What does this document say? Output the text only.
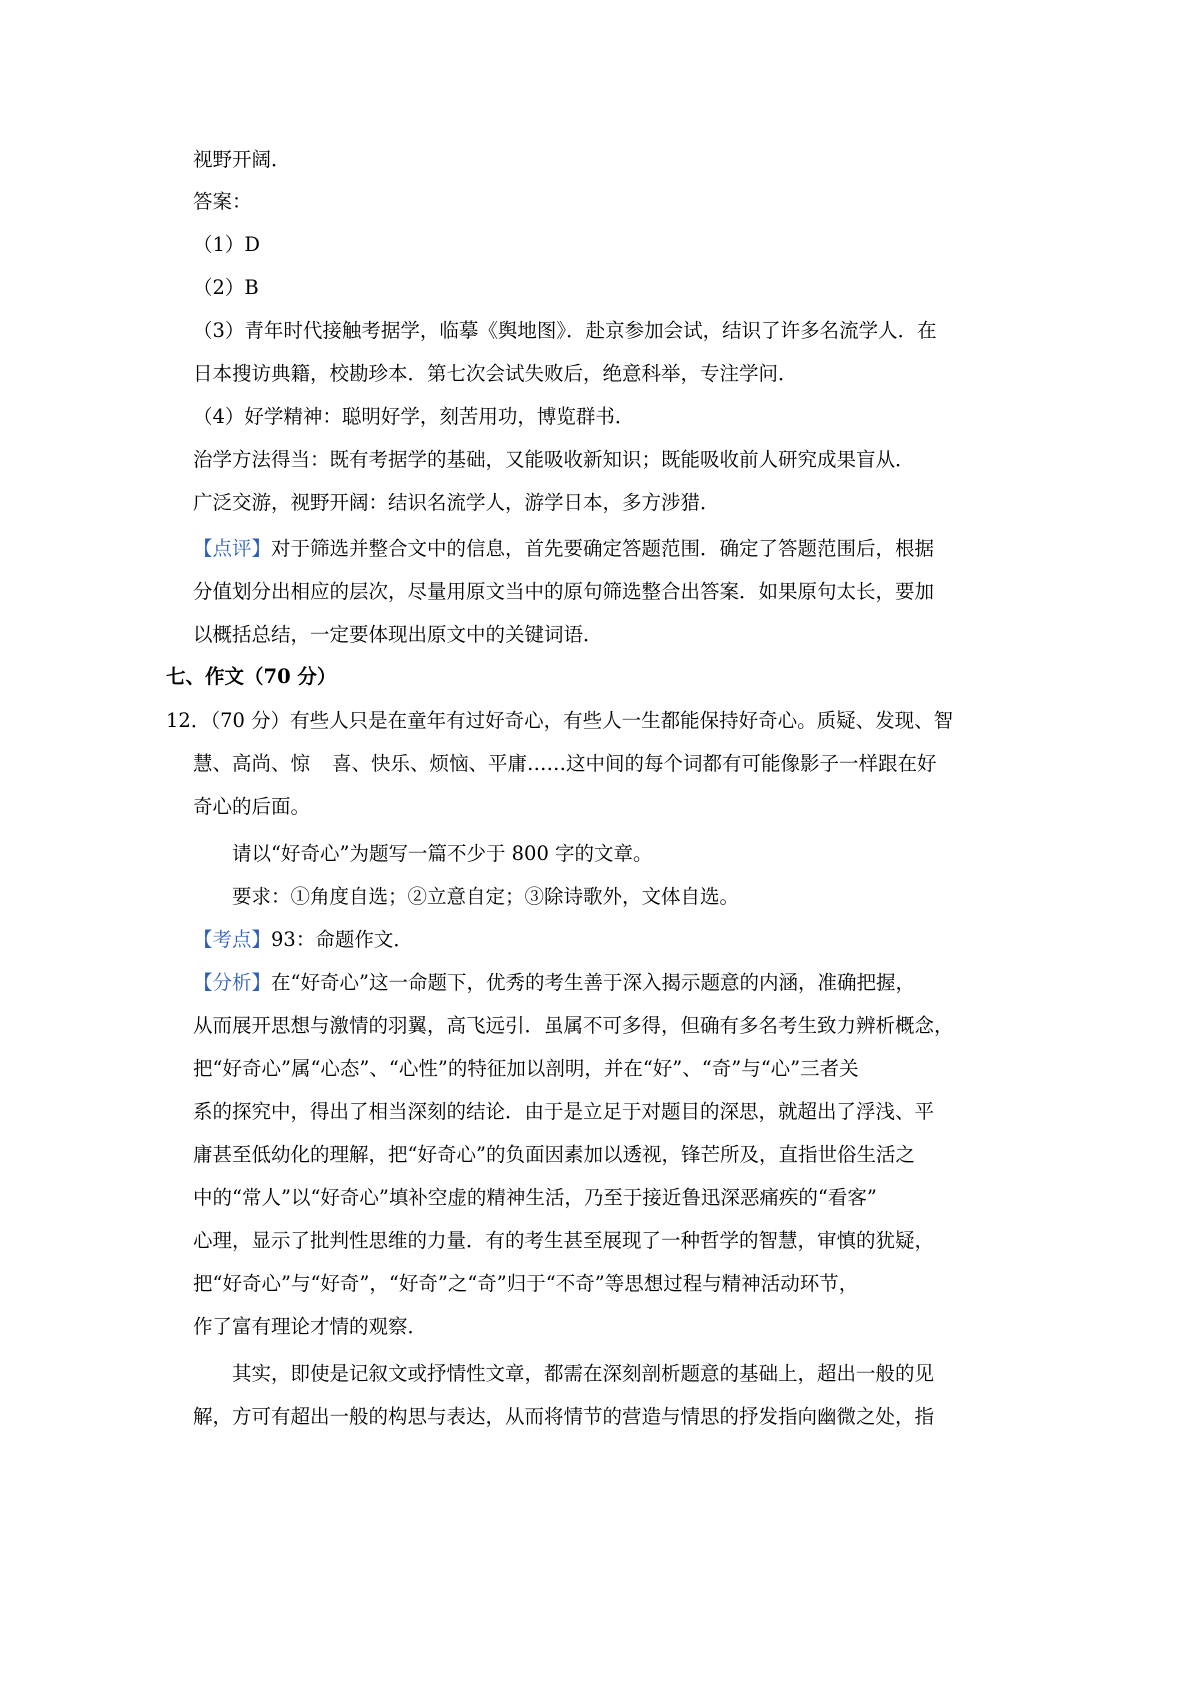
视野开阔．
答案：
（1）D
（2）B
（3）青年时代接触考据学，临摹《舆地图》．赴京参加会试，结识了许多名流学人．在
日本搜访典籍，校勘珍本．第七次会试失败后，绝意科举，专注学问．
（4）好学精神：聪明好学，刻苦用功，博览群书．
治学方法得当：既有考据学的基础，又能吸收新知识；既能吸收前人研究成果盲从．
广泛交游，视野开阔：结识名流学人，游学日本，多方涉猎．
【点评】对于筛选并整合文中的信息，首先要确定答题范围．确定了答题范围后，根据
分值划分出相应的层次，尽量用原文当中的原句筛选整合出答案．如果原句太长，要加
以概括总结，一定要体现出原文中的关键词语．
七、作文（70 分）
12．（70 分）有些人只是在童年有过好奇心，有些人一生都能保持好奇心。质疑、发现、智
慧、高尚、惊 喜、快乐、烦恼、平庸……这中间的每个词都有可能像影子一样跟在好
奇心的后面。
请以“好奇心”为题写一篇不少于 800 字的文章。
要求：①角度自选；②立意自定；③除诗歌外，文体自选。
【考点】93：命题作文．
【分析】在“好奇心”这一命题下，优秀的考生善于深入揭示题意的内涵，准确把握，
从而展开思想与激情的羽翼，高飞远引．虽属不可多得，但确有多名考生致力辨析概念，
把“好奇心”属“心态”、“心性”的特征加以剖明，并在“好”、“奇”与“心”三者关
系的探究中，得出了相当深刻的结论．由于是立足于对题目的深思，就超出了浮浅、平
庸甚至低幼化的理解，把“好奇心”的负面因素加以透视，锋芒所及，直指世俗生活之
中的“常人”以“好奇心”填补空虚的精神生活，乃至于接近鲁迅深恶痛疾的“看客”
心理，显示了批判性思维的力量．有的考生甚至展现了一种哲学的智慧，审慎的犹疑，
把“好奇心”与“好奇”，“好奇”之“奇”归于“不奇”等思想过程与精神活动环节，
作了富有理论才情的观察．
其实，即使是记叙文或抒情性文章，都需在深刻剖析题意的基础上，超出一般的见
解，方可有超出一般的构思与表达，从而将情节的营造与情思的抒发指向幽微之处，指
